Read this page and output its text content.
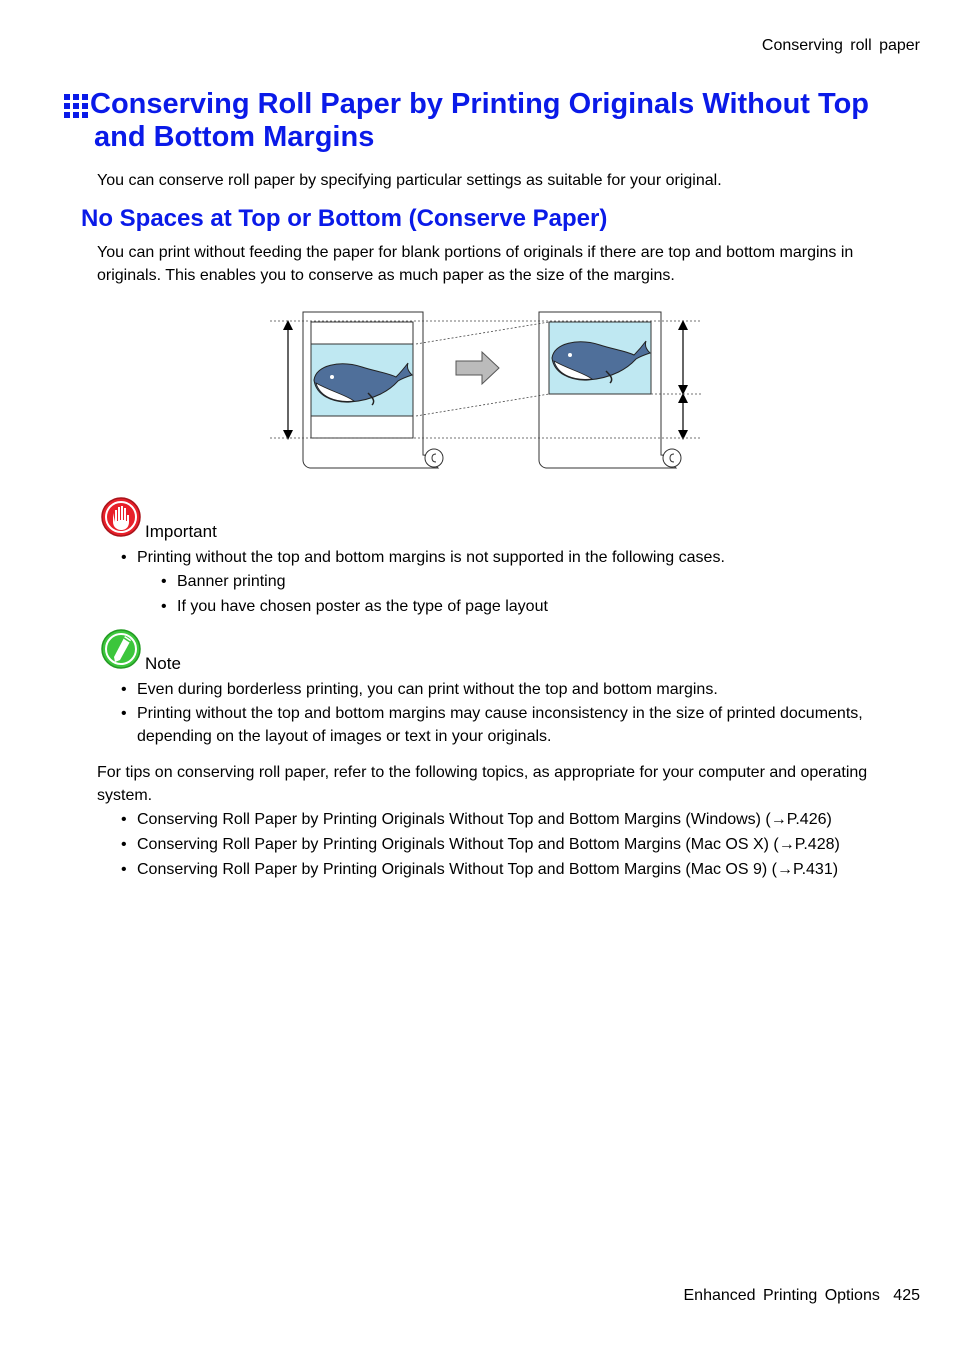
Conserving roll paper
Conserving Roll Paper by Printing Originals Without Top
and Bottom Margins
You can conserve roll paper by specifying particular settings as suitable for your original.
No Spaces at Top or Bottom (Conserve Paper)
You can print without feeding the paper for blank portions of originals if there are top and bottom margins in
originals. This enables you to conserve as much paper as the size of the margins.
Important
• Printing without the top and bottom margins is not supported in the following cases.
• Banner printing
• If you have chosen poster as the type of page layout
Note
• Even during borderless printing, you can print without the top and bottom margins.
• Printing without the top and bottom margins may cause inconsistency in the size of printed documents, depending on the layout of images or text in your originals.
For tips on conserving roll paper, refer to the following topics, as appropriate for your computer and operating system.
• Conserving Roll Paper by Printing Originals Without Top and Bottom Margins (Windows) (→P.426)
• Conserving Roll Paper by Printing Originals Without Top and Bottom Margins (Mac OS X) (→P.428)
• Conserving Roll Paper by Printing Originals Without Top and Bottom Margins (Mac OS 9) (→P.431)
Enhanced Printing Options 425
